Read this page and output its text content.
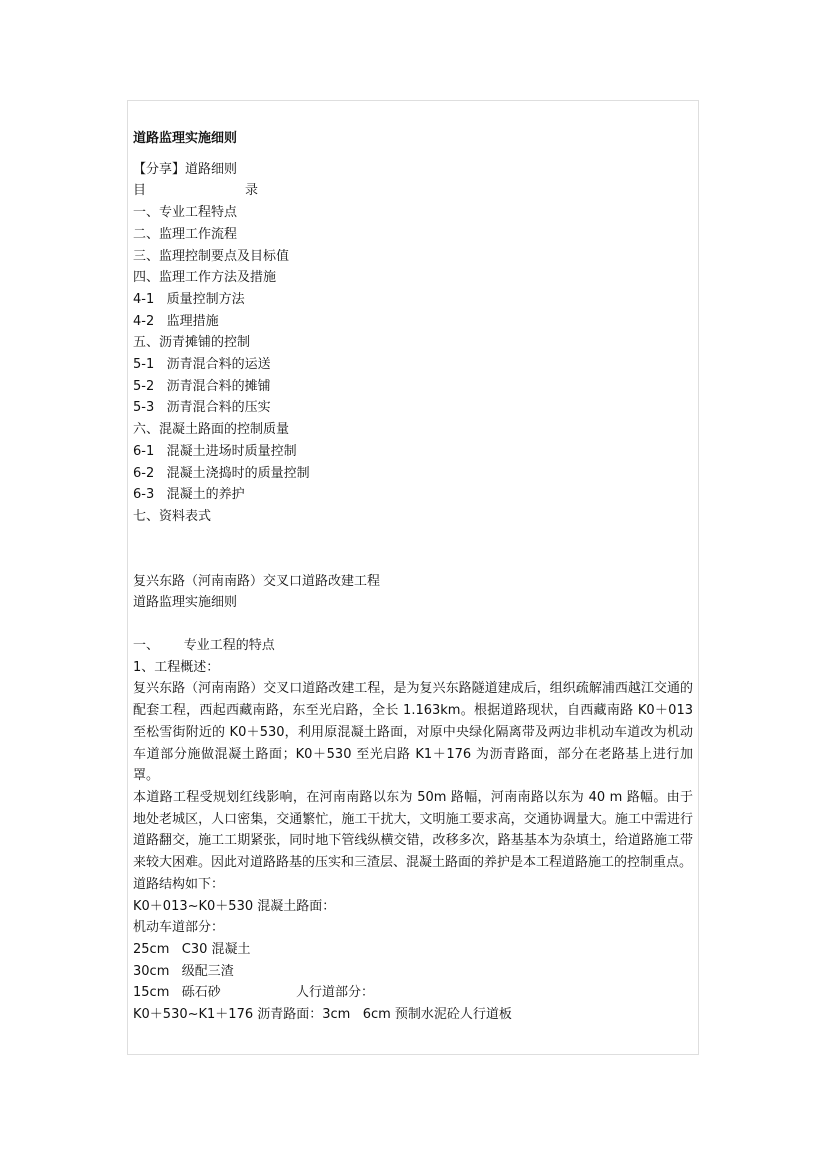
道路监理实施细则
【分享】道路细则
目	录
一、专业工程特点
二、监理工作流程
三、监理控制要点及目标值
四、监理工作方法及措施
4-1   质量控制方法
4-2   监理措施
五、沥青摊铺的控制
5-1   沥青混合料的运送
5-2   沥青混合料的摊铺
5-3   沥青混合料的压实
六、混凝土路面的控制质量
6-1   混凝土进场时质量控制
6-2   混凝土浇捣时的质量控制
6-3   混凝土的养护
七、资料表式
复兴东路（河南南路）交叉口道路改建工程
道路监理实施细则
一、      专业工程的特点
1、工程概述：
复兴东路（河南南路）交叉口道路改建工程，是为复兴东路隧道建成后，组织疏解浦西越江交通的配套工程，西起西藏南路，东至光启路，全长 1.163km。根据道路现状，自西藏南路 K0＋013 至松雪街附近的 K0＋530，利用原混凝土路面，对原中央绿化隔离带及两边非机动车道改为机动车道部分施做混凝土路面；K0＋530 至光启路 K1＋176 为沥青路面，部分在老路基上进行加罩。
本道路工程受规划红线影响，在河南南路以东为 50m 路幅，河南南路以东为 40 m 路幅。由于地处老城区，人口密集，交通繁忙，施工干扰大，文明施工要求高，交通协调量大。施工中需进行道路翻交，施工工期紧张，同时地下管线纵横交错，改移多次，路基基本为杂填土，给道路施工带来较大困难。因此对道路路基的压实和三渣层、混凝土路面的养护是本工程道路施工的控制重点。
道路结构如下：
K0＋013~K0＋530 混凝土路面：
机动车道部分：
25cm   C30 混凝土
30cm   级配三渣
15cm   砾石砂	人行道部分：
K0＋530~K1＋176 沥青路面：3cm   6cm 预制水泥砼人行道板
